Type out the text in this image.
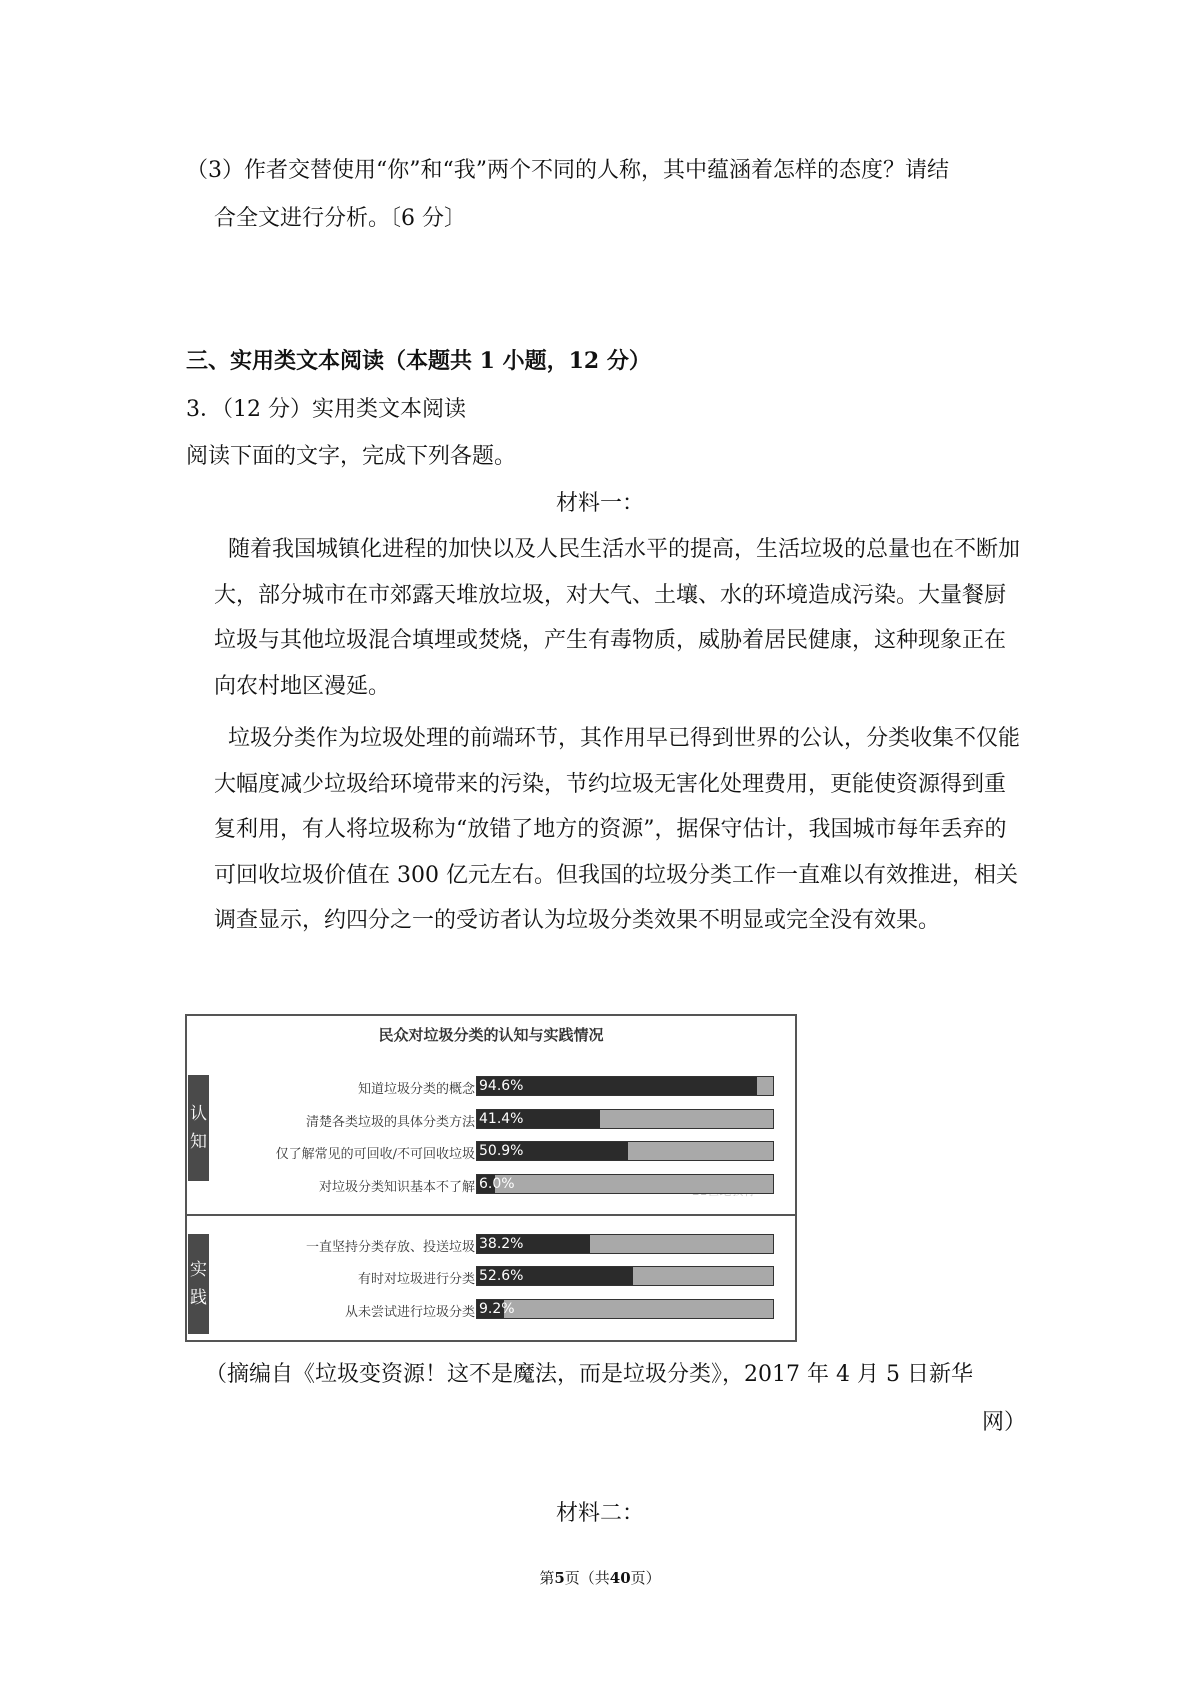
（3）作者交替使用“你”和“我”两个不同的人称，其中蕴涵着怎样的态度？请结
合全文进行分析。〔6 分〕
三、实用类文本阅读（本题共 1 小题，12 分）
3．（12 分）实用类文本阅读
阅读下面的文字，完成下列各题。
材料一：
随着我国城镇化进程的加快以及人民生活水平的提高，生活垃圾的总量也在不断加大，部分城市在市郊露天堆放垃圾，对大气、土壤、水的环境造成污染。大量餐厨垃圾与其他垃圾混合填埋或焚烧，产生有毒物质，威胁着居民健康，这种现象正在向农村地区漫延。
垃圾分类作为垃圾处理的前端环节，其作用早已得到世界的公认，分类收集不仅能大幅度减少垃圾给环境带来的污染，节约垃圾无害化处理费用，更能使资源得到重复利用，有人将垃圾称为“放错了地方的资源”，据保守估计，我国城市每年丢弃的可回收垃圾价值在 300 亿元左右。但我国的垃圾分类工作一直难以有效推进，相关调查显示，约四分之一的受访者认为垃圾分类效果不明显或完全没有效果。
民众对垃圾分类的认知与实践情况
认
知
知道垃圾分类的概念 94.6%
清楚各类垃圾的具体分类方法 41.4%
仅了解常见的可回收/不可回收垃圾 50.9%
对垃圾分类知识基本不了解 6.0%
实
践
一直坚持分类存放、投送垃圾 38.2%
有时对垃圾进行分类 52.6%
从未尝试进行垃圾分类 9.2%
（摘编自《垃圾变资源！这不是魔法，而是垃圾分类》，2017 年 4 月 5 日新华
网）
材料二：
第5页（共40页）
